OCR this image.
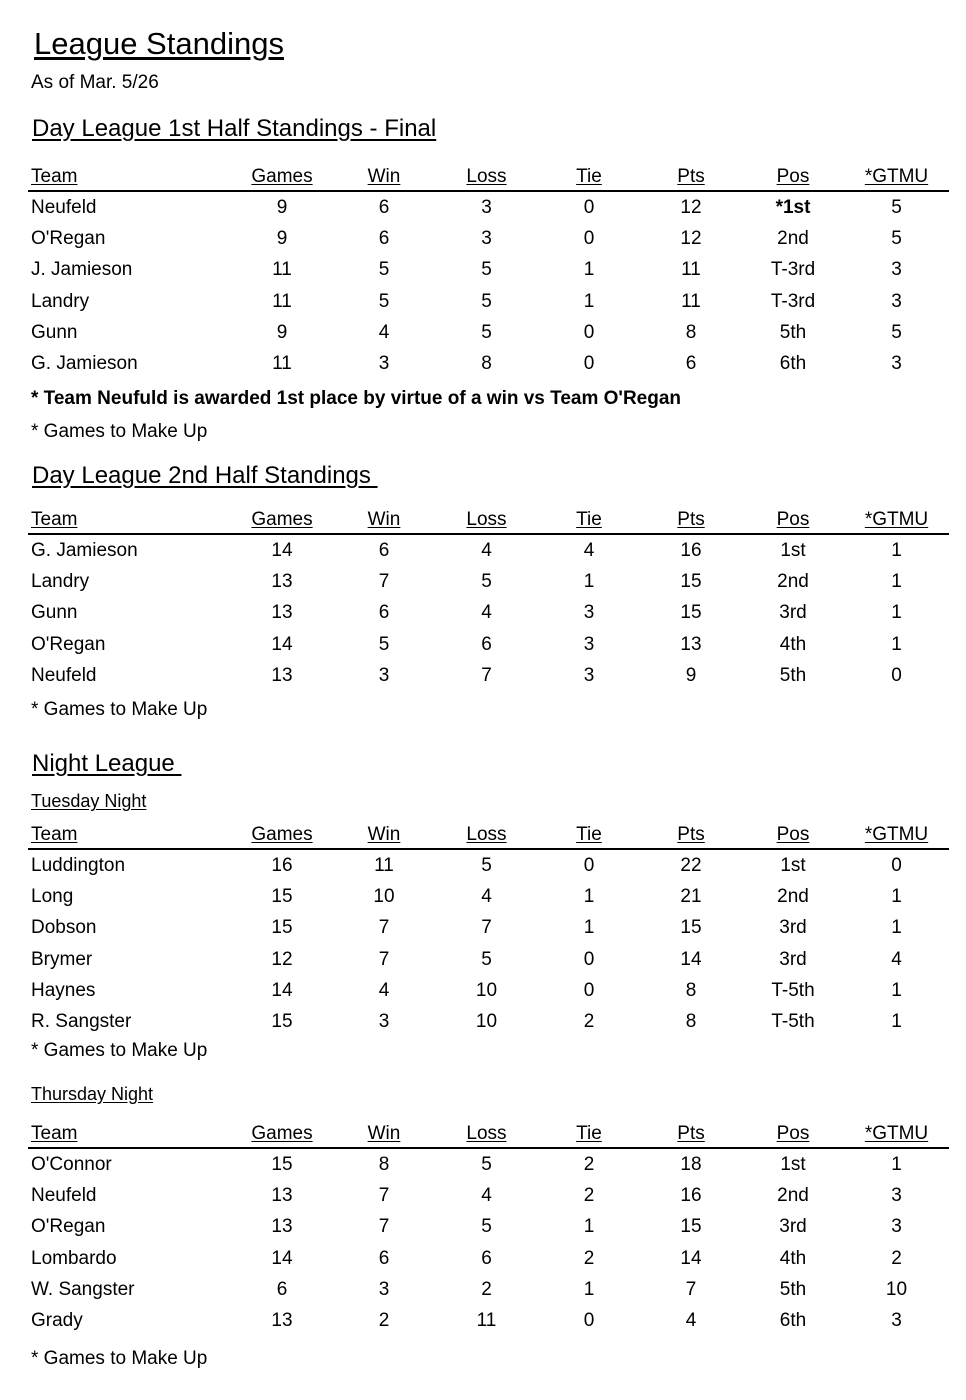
League Standings
As of Mar. 5/26
Day League 1st Half Standings - Final
Team	Games	Win	Loss	Tie	Pts	Pos	*GTMU
Neufeld	9	6	3	0	12	*1st	5
O'Regan	9	6	3	0	12	2nd	5
J. Jamieson	11	5	5	1	11	T-3rd	3
Landry	11	5	5	1	11	T-3rd	3
Gunn	9	4	5	0	8	5th	5
G. Jamieson	11	3	8	0	6	6th	3
* Team Neufuld is awarded 1st place by virtue of a win vs Team O'Regan
* Games to Make Up
Day League 2nd Half Standings
Team	Games	Win	Loss	Tie	Pts	Pos	*GTMU
G. Jamieson	14	6	4	4	16	1st	1
Landry	13	7	5	1	15	2nd	1
Gunn	13	6	4	3	15	3rd	1
O'Regan	14	5	6	3	13	4th	1
Neufeld	13	3	7	3	9	5th	0
* Games to Make Up
Night League
Tuesday Night
Team	Games	Win	Loss	Tie	Pts	Pos	*GTMU
Luddington	16	11	5	0	22	1st	0
Long	15	10	4	1	21	2nd	1
Dobson	15	7	7	1	15	3rd	1
Brymer	12	7	5	0	14	3rd	4
Haynes	14	4	10	0	8	T-5th	1
R. Sangster	15	3	10	2	8	T-5th	1
* Games to Make Up
Thursday Night
Team	Games	Win	Loss	Tie	Pts	Pos	*GTMU
O'Connor	15	8	5	2	18	1st	1
Neufeld	13	7	4	2	16	2nd	3
O'Regan	13	7	5	1	15	3rd	3
Lombardo	14	6	6	2	14	4th	2
W. Sangster	6	3	2	1	7	5th	10
Grady	13	2	11	0	4	6th	3
* Games to Make Up
